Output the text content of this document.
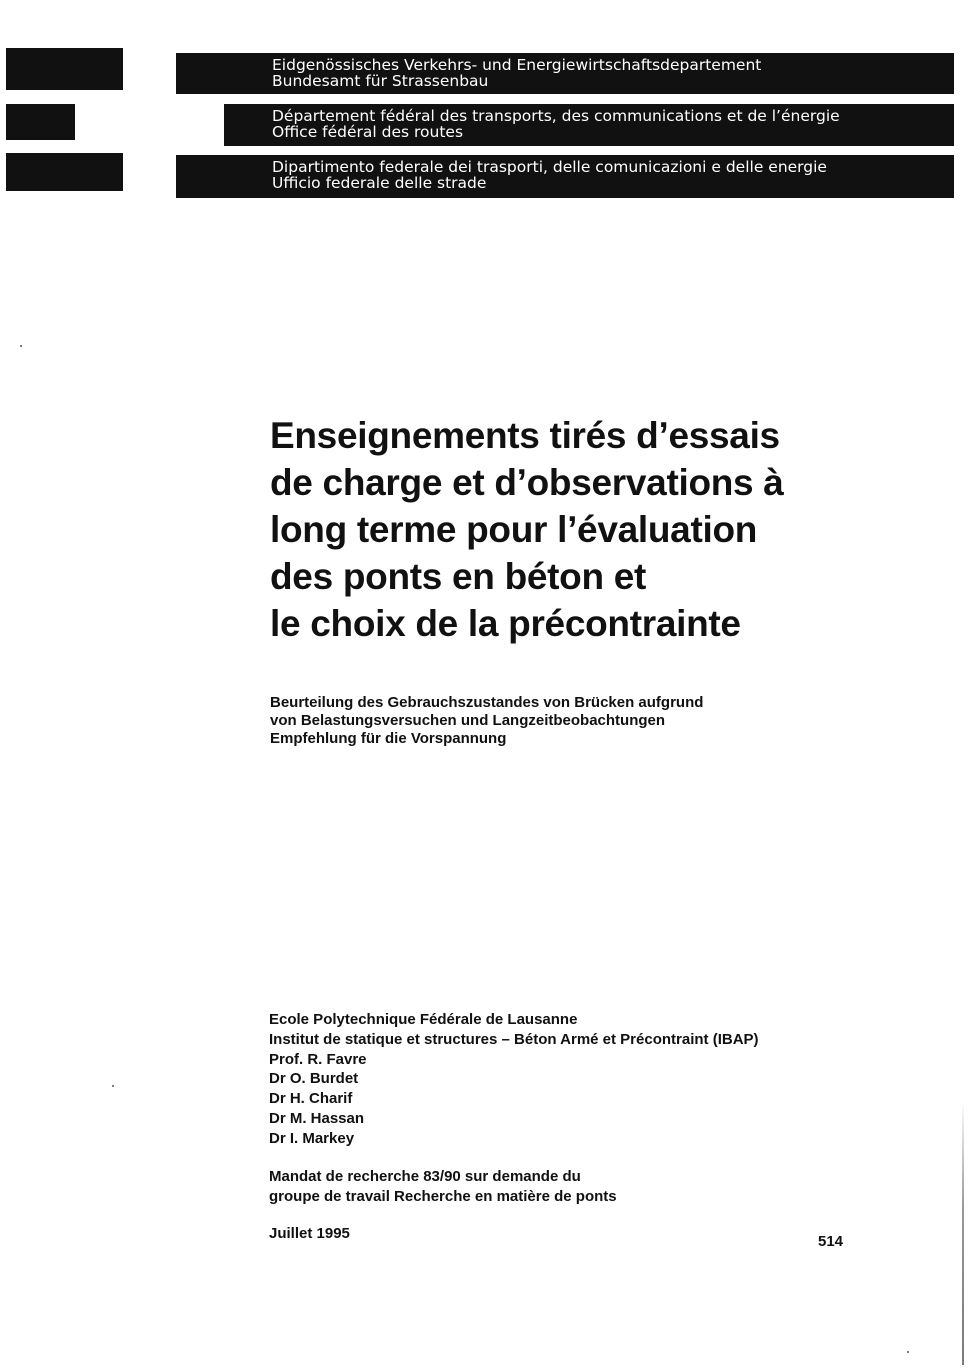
Eidgenössisches Verkehrs- und Energiewirtschaftsdepartement
Bundesamt für Strassenbau
Département fédéral des transports, des communications et de l’énergie
Office fédéral des routes
Dipartimento federale dei trasporti, delle comunicazioni e delle energie
Ufficio federale delle strade
Enseignements tirés d’essais
de charge et d’observations à
long terme pour l’évaluation
des ponts en béton et
le choix de la précontrainte
Beurteilung des Gebrauchszustandes von Brücken aufgrund
von Belastungsversuchen und Langzeitbeobachtungen
Empfehlung für die Vorspannung
Ecole Polytechnique Fédérale de Lausanne
Institut de statique et structures – Béton Armé et Précontraint (IBAP)
Prof. R. Favre
Dr O. Burdet
Dr H. Charif
Dr M. Hassan
Dr I. Markey
Mandat de recherche 83/90 sur demande du
groupe de travail Recherche en matière de ponts
Juillet 1995	514
